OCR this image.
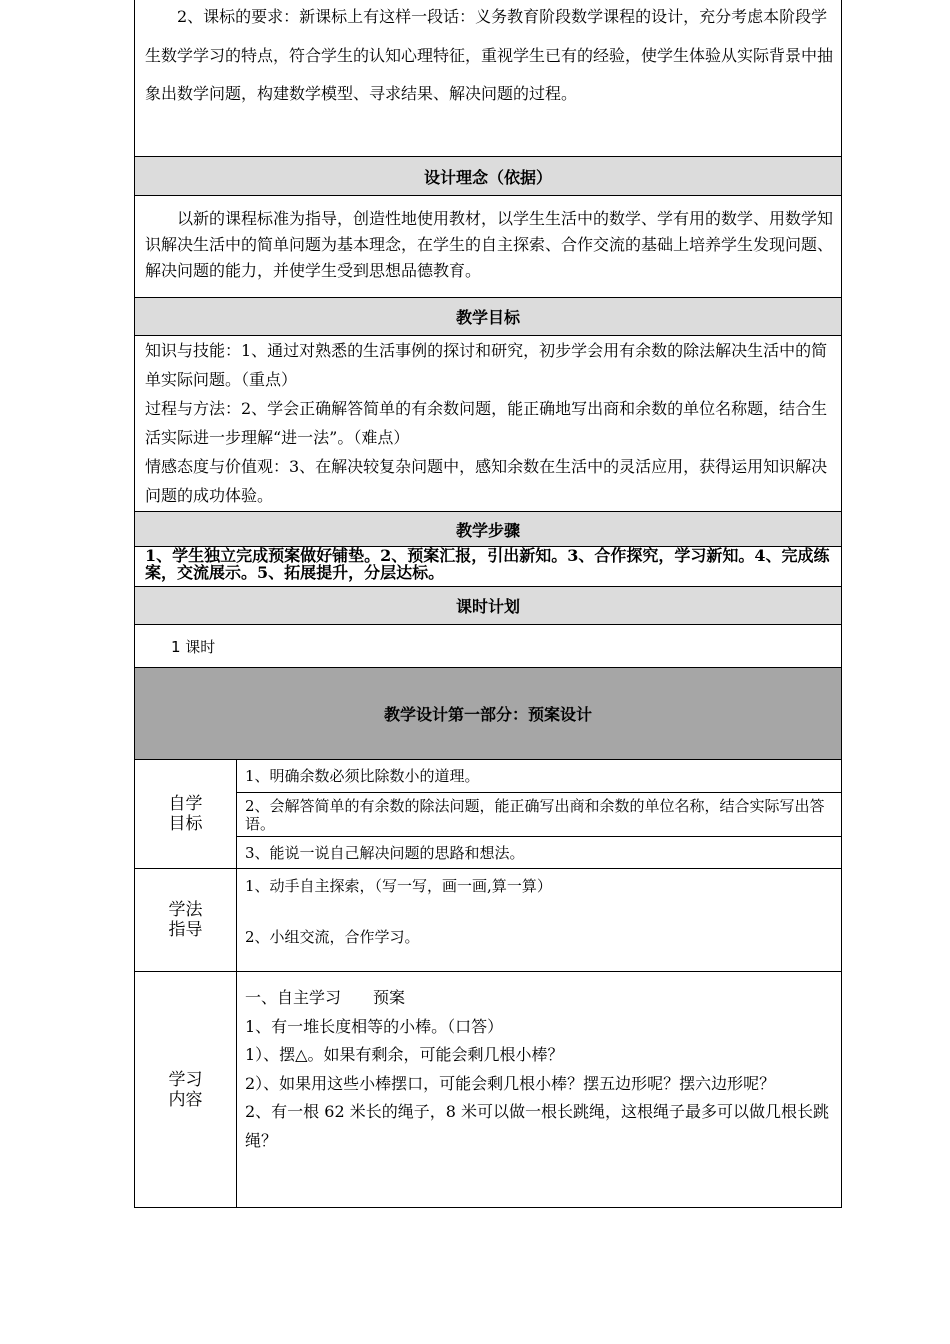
2、课标的要求：新课标上有这样一段话：义务教育阶段数学课程的设计，充分考虑本阶段学生数学学习的特点，符合学生的认知心理特征，重视学生已有的经验，使学生体验从实际背景中抽象出数学问题，构建数学模型、寻求结果、解决问题的过程。
设计理念（依据）
以新的课程标准为指导，创造性地使用教材，以学生生活中的数学、学有用的数学、用数学知识解决生活中的简单问题为基本理念，在学生的自主探索、合作交流的基础上培养学生发现问题、解决问题的能力，并使学生受到思想品德教育。
教学目标
知识与技能：1、通过对熟悉的生活事例的探讨和研究，初步学会用有余数的除法解决生活中的简单实际问题。（重点）
过程与方法：2、学会正确解答简单的有余数问题，能正确地写出商和余数的单位名称题，结合生活实际进一步理解“进一法”。（难点）
情感态度与价值观：3、在解决较复杂问题中，感知余数在生活中的灵活应用，获得运用知识解决问题的成功体验。
教学步骤
1、学生独立完成预案做好铺垫。2、预案汇报，引出新知。3、合作探究，学习新知。4、完成练案，交流展示。5、拓展提升，分层达标。
课时计划
1 课时
教学设计第一部分：预案设计
自学
目标
1、明确余数必须比除数小的道理。
2、会解答简单的有余数的除法问题，能正确写出商和余数的单位名称，结合实际写出答语。
3、能说一说自己解决问题的思路和想法。
学法
指导
1、动手自主探索，（写一写，画一画,算一算）
2、小组交流，合作学习。
学习
内容
一、自主学习　　预案
1、有一堆长度相等的小棒。（口答）
1）、摆△。如果有剩余，可能会剩几根小棒？
2）、如果用这些小棒摆口，可能会剩几根小棒？摆五边形呢？摆六边形呢？
2、有一根 62 米长的绳子，8 米可以做一根长跳绳，这根绳子最多可以做几根长跳绳？
